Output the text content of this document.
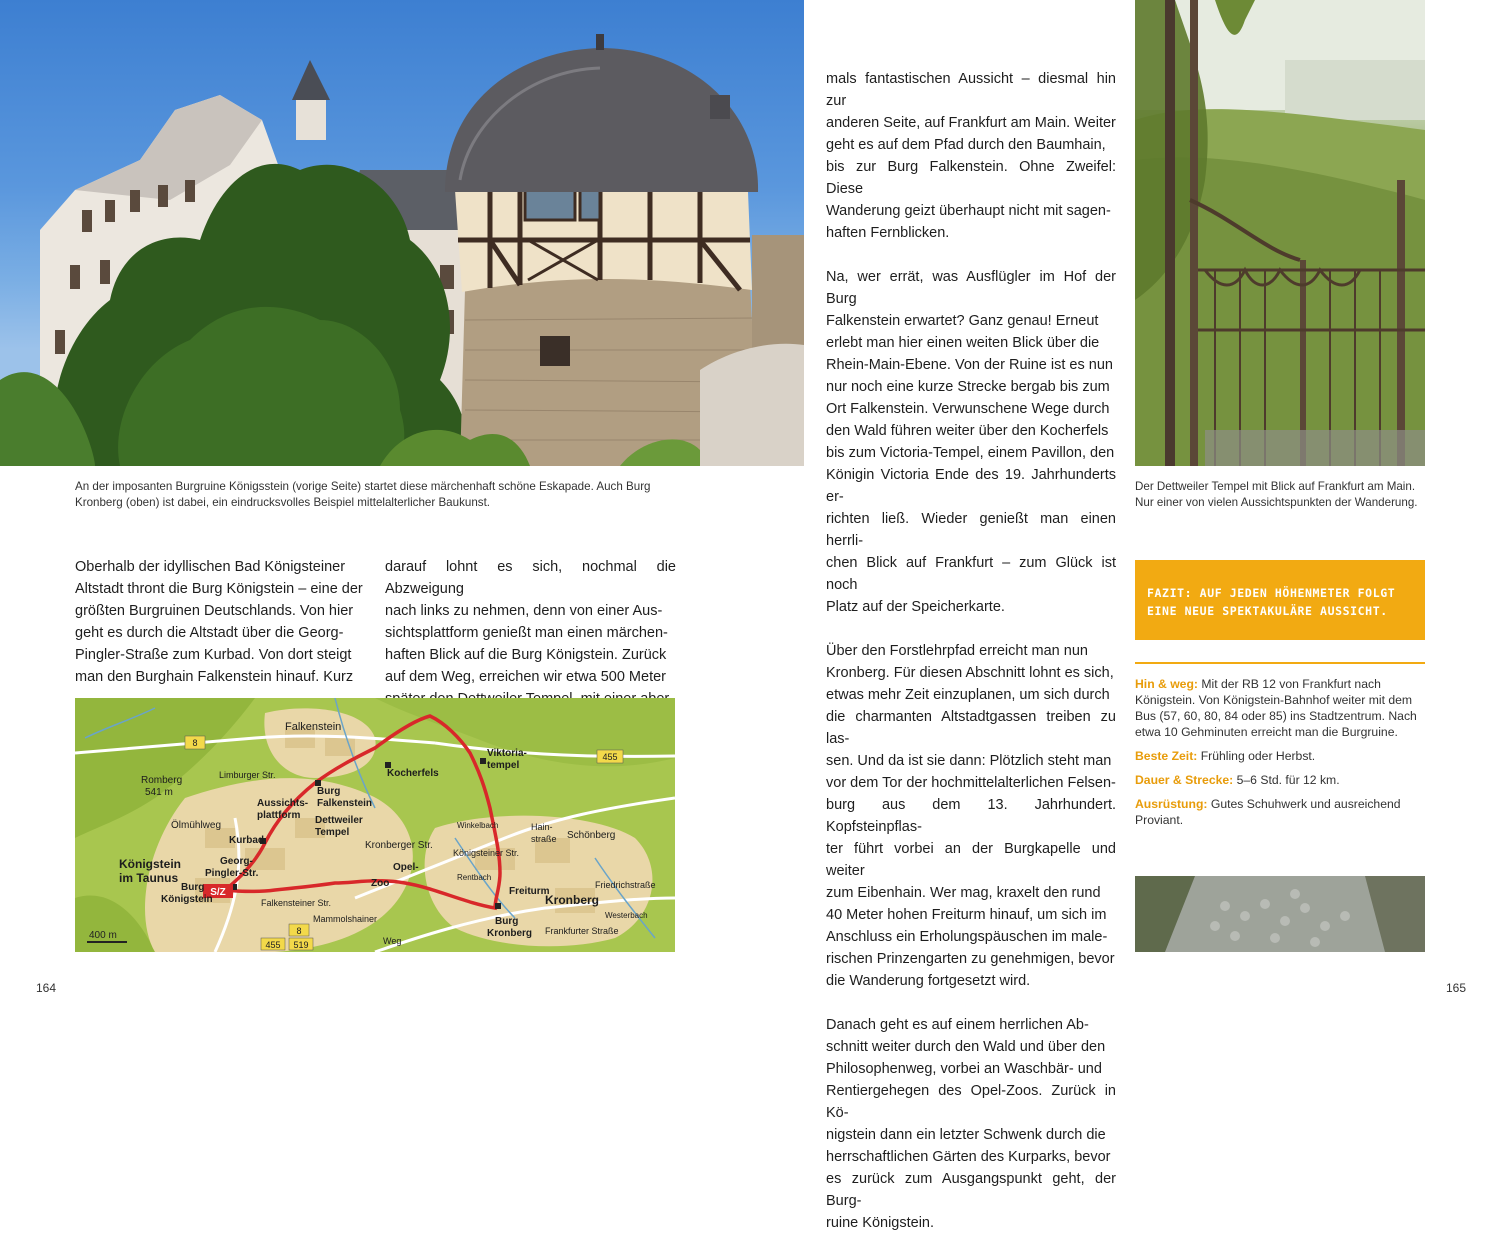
An der imposanten Burgruine Königsstein (vorige Seite) startet diese märchenhaft schöne Eskapade. Auch Burg Kronberg (oben) ist dabei, ein eindrucksvolles Beispiel mittelalterlicher Baukunst.
Oberhalb der idyllischen Bad Königsteiner
Altstadt thront die Burg Königstein – eine der
größten Burgruinen Deutschlands. Von hier
geht es durch die Altstadt über die Georg-
Pingler-Straße zum Kurbad. Von dort steigt
man den Burghain Falkenstein hinauf. Kurz
darauf lohnt es sich, nochmal die Abzweigung
nach links zu nehmen, denn von einer Aus-
sichtsplattform genießt man einen märchen-
haften Blick auf die Burg Königstein. Zurück
auf dem Weg, erreichen wir etwa 500 Meter
S/Z
8
455
455
8
519
Falkenstein
Romberg
541 m
Viktoria-
tempel
Kocherfels
Burg
Falkenstein
Aussichts-
plattform
Kurbad
Dettweiler
Tempel
Kronberger Str.
Ölmühlweg
Königstein
im Taunus
Georg-
Pingler-Str.
Burg
Königstein
Zoo
Opel-
Königsteiner Str.
Schönberg
Freiturm
Kronberg
Burg
Kronberg Frankfurter Straße
Friedrichstraße
Hain-
straße
Winkelbach
Rentbach
Westerbach
Limburger Str.
Falkensteiner Str.
Mammolshainer
Weg
400 m
164

mals fantastischen Aussicht – diesmal hin zur
anderen Seite, auf Frankfurt am Main. Weiter
geht es auf dem Pfad durch den Baumhain,
bis zur Burg Falkenstein. Ohne Zweifel: Diese
Wanderung geizt überhaupt nicht mit sagen-
haften Fernblicken.

Na, wer errät, was Ausflügler im Hof der Burg
Falkenstein erwartet? Ganz genau! Erneut
erlebt man hier einen weiten Blick über die
Rhein-Main-Ebene. Von der Ruine ist es nun
nur noch eine kurze Strecke bergab bis zum
Ort Falkenstein. Verwunschene Wege durch
den Wald führen weiter über den Kocherfels
bis zum Victoria-Tempel, einem Pavillon, den
Königin Victoria Ende des 19. Jahrhunderts er-
richten ließ. Wieder genießt man einen herrli-
chen Blick auf Frankfurt – zum Glück ist noch
Platz auf der Speicherkarte.

Über den Forstlehrpfad erreicht man nun
Kronberg. Für diesen Abschnitt lohnt es sich,
etwas mehr Zeit einzuplanen, um sich durch
die charmanten Altstadtgassen treiben zu las-
sen. Und da ist sie dann: Plötzlich steht man
vor dem Tor der hochmittelalterlichen Felsen-
burg aus dem 13. Jahrhundert. Kopfsteinpflas-
ter führt vorbei an der Burgkapelle und weiter
zum Eibenhain. Wer mag, kraxelt den rund
40 Meter hohen Freiturm hinauf, um sich im
Anschluss ein Erholungspäuschen im male-
rischen Prinzengarten zu genehmigen, bevor
die Wanderung fortgesetzt wird.

Danach geht es auf einem herrlichen Ab-
schnitt weiter durch den Wald und über den
Philosophenweg, vorbei an Waschbär- und
Rentiergehegen des Opel-Zoos. Zurück in Kö-
nigstein dann ein letzter Schwenk durch die
herrschaftlichen Gärten des Kurparks, bevor
es zurück zum Ausgangspunkt geht, der Burg-
ruine Königstein.

Der Dettweiler Tempel mit Blick auf Frankfurt am Main. Nur einer von vielen Aussichtspunkten der Wanderung.
FAZIT: AUF JEDEN HÖHENMETER FOLGT
EINE NEUE SPEKTAKULÄRE AUSSICHT.
Hin & weg: Mit der RB 12 von Frankfurt nach Königstein. Von Königstein-Bahnhof weiter mit dem Bus (57, 60, 80, 84 oder 85) ins Stadtzentrum. Nach etwa 10 Gehminuten erreicht man die Burgruine.
Beste Zeit: Frühling oder Herbst.
Dauer & Strecke: 5–6 Std. für 12 km.
Ausrüstung: Gutes Schuhwerk und ausreichend Proviant.
165
